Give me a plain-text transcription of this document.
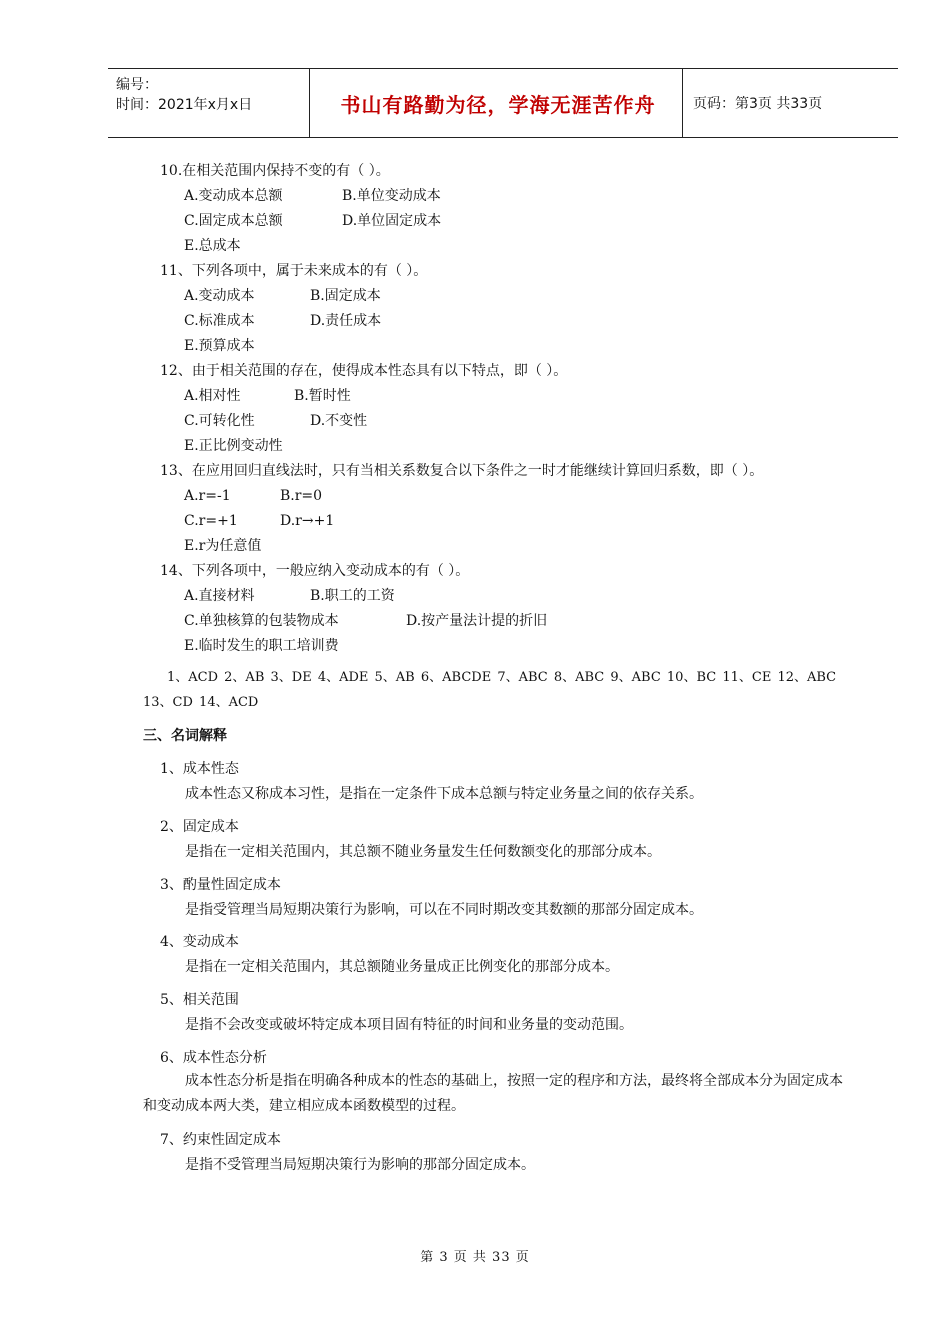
编号：
时间：2021年x月x日	书山有路勤为径，学海无涯苦作舟	页码：第3页 共33页
10.在相关范围内保持不变的有（ ）。
A.变动成本总额	B.单位变动成本
C.固定成本总额	D.单位固定成本
E.总成本
11、下列各项中，属于未来成本的有（ ）。
A.变动成本	B.固定成本
C.标准成本	D.责任成本
E.预算成本
12、由于相关范围的存在，使得成本性态具有以下特点，即（ ）。
A.相对性	B.暂时性
C.可转化性	D.不变性
E.正比例变动性
13、在应用回归直线法时，只有当相关系数复合以下条件之一时才能继续计算回归系数，即（ ）。
A.r=-1	B.r=0
C.r=+1	D.r→+1
E.r为任意值
14、下列各项中，一般应纳入变动成本的有（ ）。
A.直接材料	B.职工的工资
C.单独核算的包装物成本	D.按产量法计提的折旧
E.临时发生的职工培训费
1、ACD 2、AB 3、DE 4、ADE 5、AB 6、ABCDE 7、ABC 8、ABC 9、ABC 10、BC 11、CE 12、ABC 13、CD 14、ACD
三、名词解释
1、成本性态
成本性态又称成本习性，是指在一定条件下成本总额与特定业务量之间的依存关系。
2、固定成本
是指在一定相关范围内，其总额不随业务量发生任何数额变化的那部分成本。
3、酌量性固定成本
是指受管理当局短期决策行为影响，可以在不同时期改变其数额的那部分固定成本。
4、变动成本
是指在一定相关范围内，其总额随业务量成正比例变化的那部分成本。
5、相关范围
是指不会改变或破坏特定成本项目固有特征的时间和业务量的变动范围。
6、成本性态分析
成本性态分析是指在明确各种成本的性态的基础上，按照一定的程序和方法，最终将全部成本分为固定成本和变动成本两大类，建立相应成本函数模型的过程。
7、约束性固定成本
是指不受管理当局短期决策行为影响的那部分固定成本。
第 3 页 共 33 页
